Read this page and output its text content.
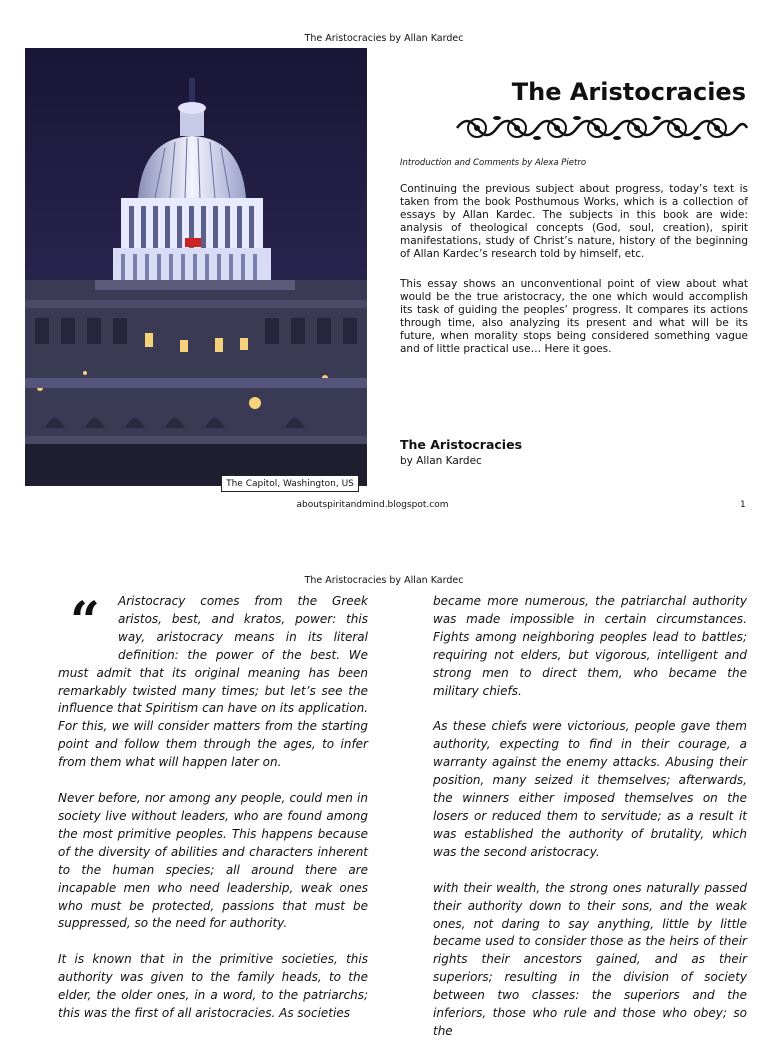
The Aristocracies by Allan Kardec
The Capitol, Washington, US
The Aristocracies
Introduction and Comments by Alexa Pietro
Continuing the previous subject about progress, today’s text is taken from the book Posthumous Works, which is a collection of essays by Allan Kardec. The subjects in this book are wide: analysis of theological concepts (God, soul, creation), spirit manifestations, study of Christ’s nature, history of the beginning of Allan Kardec’s research told by himself, etc.
This essay shows an unconventional point of view about what would be the true aristocracy, the one which would accomplish its task of guiding the peoples’ progress. It compares its actions through time, also analyzing its present and what will be its future, when morality stops being considered something vague and of little practical use… Here it goes.
The Aristocracies
by Allan Kardec
aboutspiritandmind.blogspot.com	1
The Aristocracies by Allan Kardec
“	Aristocracy comes from the Greek aristos, best, and kratos, power: this way, aristocracy means in its literal definition: the power of the best. We must admit that its original meaning has been remarkably twisted many times; but let’s see the influence that Spiritism can have on its application. For this, we will consider matters from the starting point and follow them through the ages, to infer from them what will happen later on.

Never before, nor among any people, could men in society live without leaders, who are found among the most primitive peoples. This happens because of the diversity of abilities and characters inherent to the human species; all around there are incapable men who need leadership, weak ones who must be protected, passions that must be suppressed, so the need for authority.

It is known that in the primitive societies, this authority was given to the family heads, to the elder, the older ones, in a word, to the patriarchs; this was the first of all aristocracies. As societies

became more numerous, the patriarchal authority was made impossible in certain circumstances. Fights among neighboring peoples lead to battles; requiring not elders, but vigorous, intelligent and strong men to direct them, who became the military chiefs.

As these chiefs were victorious, people gave them authority, expecting to find in their courage, a warranty against the enemy attacks. Abusing their position, many seized it themselves; afterwards, the winners either imposed themselves on the losers or reduced them to servitude; as a result it was established the authority of brutality, which was the second aristocracy.

with their wealth, the strong ones naturally passed their authority down to their sons, and the weak ones, not daring to say anything, little by little became used to consider those as the heirs of their rights their ancestors gained, and as their superiors; resulting in the division of society between two classes: the superiors and the inferiors, those who rule and those who obey; so the
